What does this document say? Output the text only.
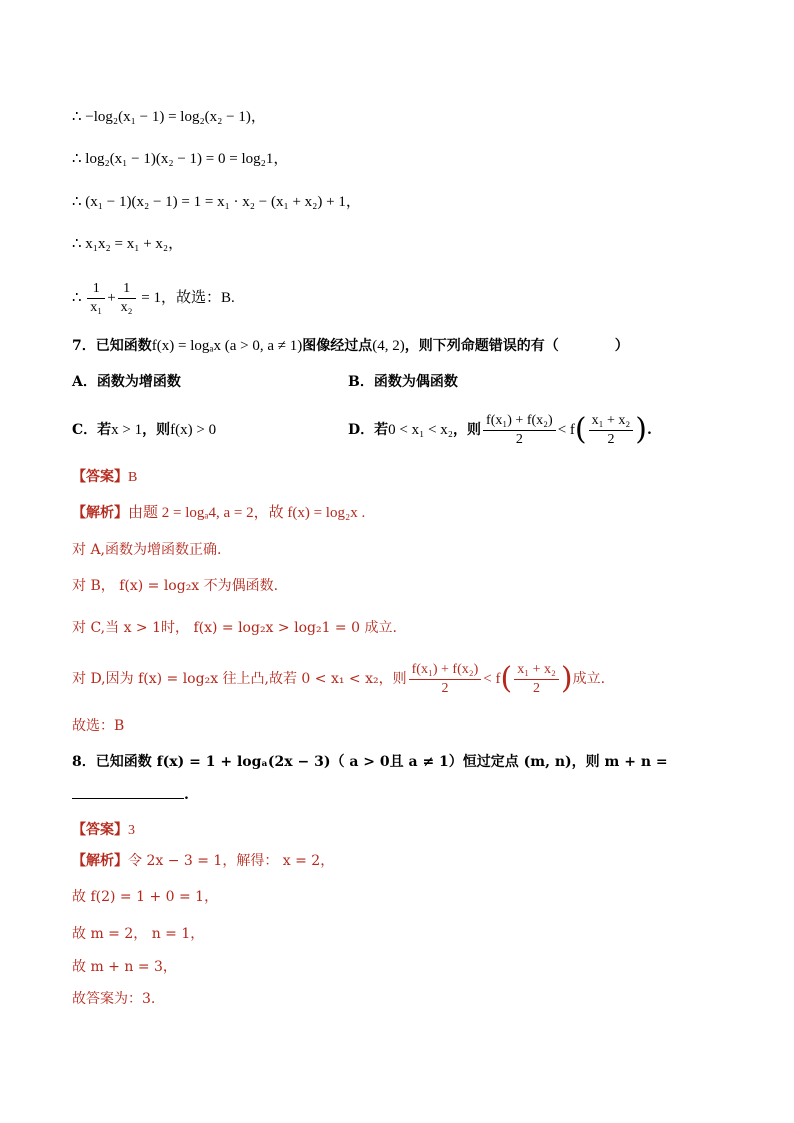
∴ −log₂(x₁ − 1) = log₂(x₂ − 1)，
∴ log₂(x₁ − 1)(x₂ − 1) = 0 = log₂1，
∴ (x₁ − 1)(x₂ − 1) = 1 = x₁ · x₂ − (x₁ + x₂) + 1，
∴ x₁x₂ = x₁ + x₂，
∴ $\frac{1}{\text{x₁}} + \frac{1}{\text{x₂}} = 1$，故选：B.
7．已知函数f(x) = logₐx (a > 0, a ≠ 1)图像经过点(4, 2)，则下列命题错误的有（　　　　）
A．函数为增函数	B．函数为偶函数
C．若x > 1，则f(x) > 0	D．若0 < x₁ < x₂，则 $\frac{\text{f(x₁) + f(x₂)}}{2} < f( \frac{\text{x₁ + x₂}}{2}$ ).
【答案】B
【解析】由题 2 = logₐ4, a = 2，故 f(x) = log₂x .
对 A,函数为增函数正确.
对 B， f(x) = log₂x 不为偶函数.
对 C,当 x > 1时， f(x) = log₂x > log₂1 = 0 成立.
对 D,因为 f(x) = log₂x 往上凸,故若 0 < x₁ < x₂，则 $\frac{\text{f(x₁) + f(x₂)}}{2} < f( \frac{\text{x₁ + x₂}}{2}$ )成立.
故选：B
8．已知函数 f(x) = 1 + logₐ(2x − 3)（ a > 0且 a ≠ 1）恒过定点 (m, n)，则 m + n =
.
【答案】3
【解析】令 2x − 3 = 1，解得： x = 2，
故 f(2) = 1 + 0 = 1，
故 m = 2， n = 1，
故 m + n = 3，
故答案为：3.
